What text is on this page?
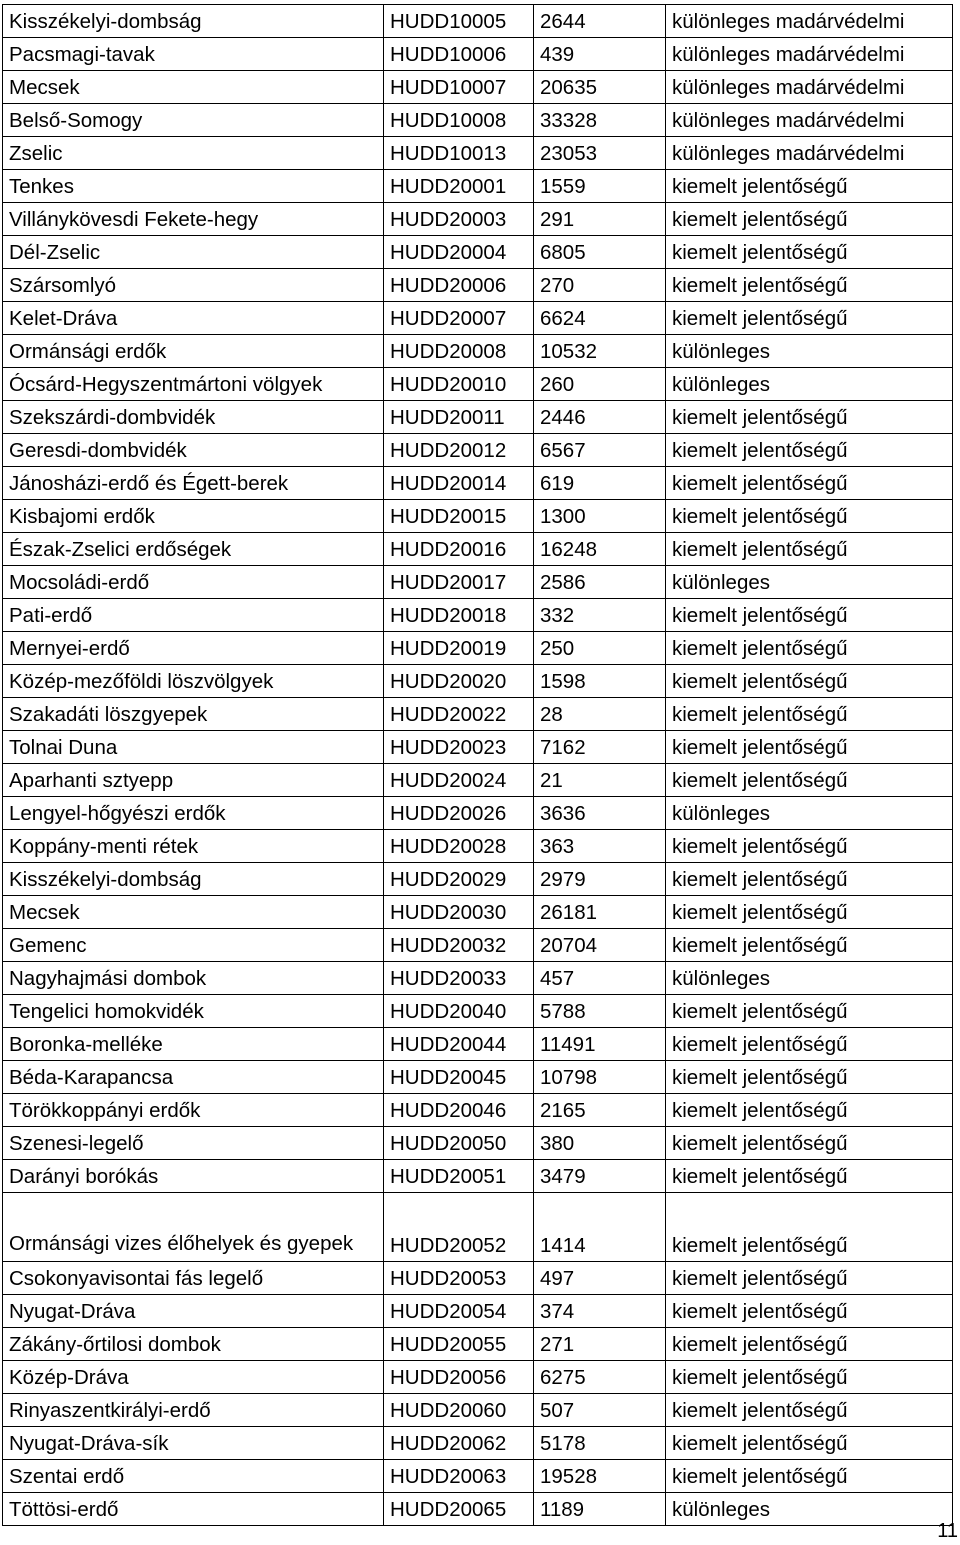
Kisszékelyi-dombság	HUDD10005	2644	különleges madárvédelmi
Pacsmagi-tavak	HUDD10006	439	különleges madárvédelmi
Mecsek	HUDD10007	20635	különleges madárvédelmi
Belső-Somogy	HUDD10008	33328	különleges madárvédelmi
Zselic	HUDD10013	23053	különleges madárvédelmi
Tenkes	HUDD20001	1559	kiemelt jelentőségű
Villánykövesdi Fekete-hegy	HUDD20003	291	kiemelt jelentőségű
Dél-Zselic	HUDD20004	6805	kiemelt jelentőségű
Szársomlyó	HUDD20006	270	kiemelt jelentőségű
Kelet-Dráva	HUDD20007	6624	kiemelt jelentőségű
Ormánsági erdők	HUDD20008	10532	különleges
Ócsárd-Hegyszentmártoni völgyek	HUDD20010	260	különleges
Szekszárdi-dombvidék	HUDD20011	2446	kiemelt jelentőségű
Geresdi-dombvidék	HUDD20012	6567	kiemelt jelentőségű
Jánosházi-erdő és Égett-berek	HUDD20014	619	kiemelt jelentőségű
Kisbajomi erdők	HUDD20015	1300	kiemelt jelentőségű
Észak-Zselici erdőségek	HUDD20016	16248	kiemelt jelentőségű
Mocsoládi-erdő	HUDD20017	2586	különleges
Pati-erdő	HUDD20018	332	kiemelt jelentőségű
Mernyei-erdő	HUDD20019	250	kiemelt jelentőségű
Közép-mezőföldi löszvölgyek	HUDD20020	1598	kiemelt jelentőségű
Szakadáti löszgyepek	HUDD20022	28	kiemelt jelentőségű
Tolnai Duna	HUDD20023	7162	kiemelt jelentőségű
Aparhanti sztyepp	HUDD20024	21	kiemelt jelentőségű
Lengyel-hőgyészi erdők	HUDD20026	3636	különleges
Koppány-menti rétek	HUDD20028	363	kiemelt jelentőségű
Kisszékelyi-dombság	HUDD20029	2979	kiemelt jelentőségű
Mecsek	HUDD20030	26181	kiemelt jelentőségű
Gemenc	HUDD20032	20704	kiemelt jelentőségű
Nagyhajmási dombok	HUDD20033	457	különleges
Tengelici homokvidék	HUDD20040	5788	kiemelt jelentőségű
Boronka-melléke	HUDD20044	11491	kiemelt jelentőségű
Béda-Karapancsa	HUDD20045	10798	kiemelt jelentőségű
Törökkoppányi erdők	HUDD20046	2165	kiemelt jelentőségű
Szenesi-legelő	HUDD20050	380	kiemelt jelentőségű
Darányi borókás	HUDD20051	3479	kiemelt jelentőségű
Ormánsági vizes élőhelyek és gyepek	HUDD20052	1414	kiemelt jelentőségű
Csokonyavisontai fás legelő	HUDD20053	497	kiemelt jelentőségű
Nyugat-Dráva	HUDD20054	374	kiemelt jelentőségű
Zákány-őrtilosi dombok	HUDD20055	271	kiemelt jelentőségű
Közép-Dráva	HUDD20056	6275	kiemelt jelentőségű
Rinyaszentkirályi-erdő	HUDD20060	507	kiemelt jelentőségű
Nyugat-Dráva-sík	HUDD20062	5178	kiemelt jelentőségű
Szentai erdő	HUDD20063	19528	kiemelt jelentőségű
Töttösi-erdő	HUDD20065	1189	különleges
11
